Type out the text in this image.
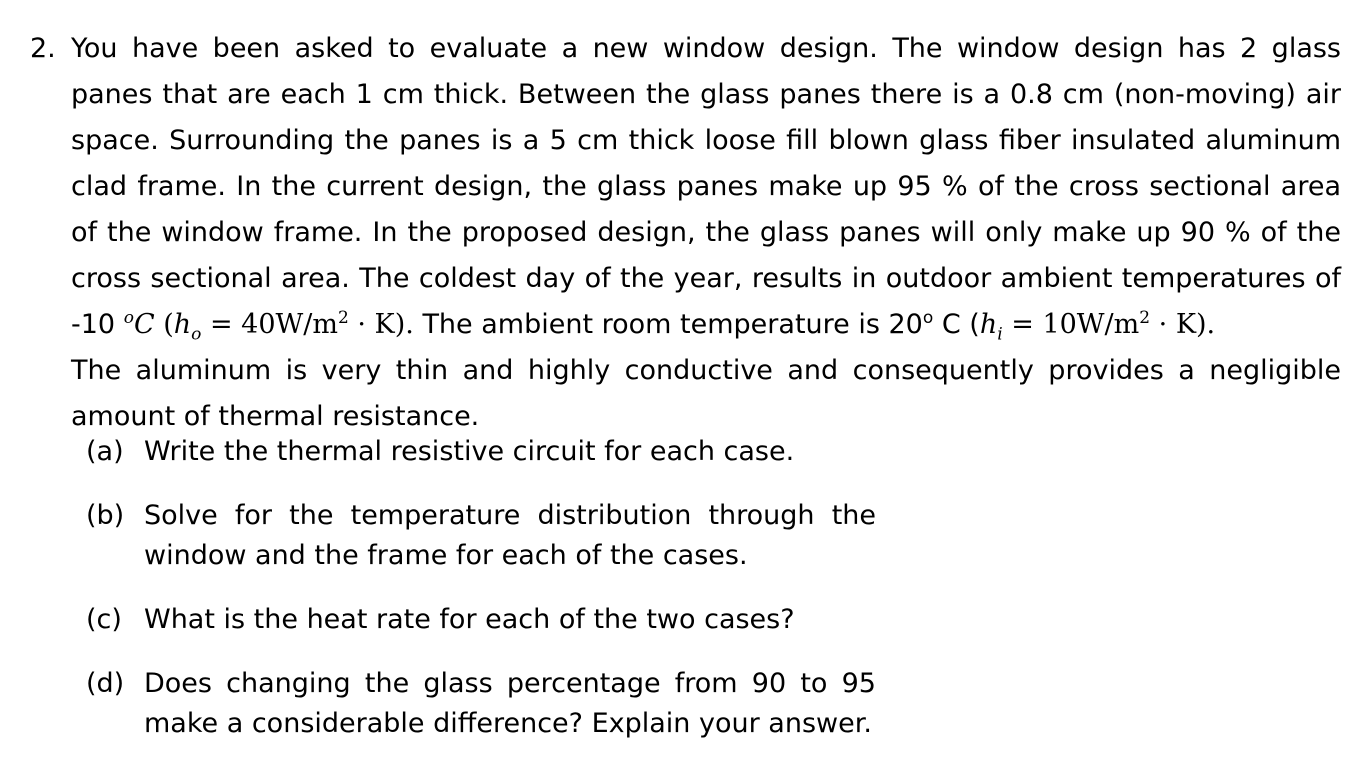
2. You have been asked to evaluate a new window design. The window design has 2 glass
panes that are each 1 cm thick. Between the glass panes there is a 0.8 cm (non-moving) air
space. Surrounding the panes is a 5 cm thick loose fill blown glass fiber insulated aluminum
clad frame. In the current design, the glass panes make up 95 % of the cross sectional area
of the window frame. In the proposed design, the glass panes will only make up 90 % of the
cross sectional area. The coldest day of the year, results in outdoor ambient temperatures of
-10 $^o$C $(h_o = 40W/m^2 \cdot K)$. The ambient room temperature is 20$^o$ C $(h_i = 10W/m^2 \cdot K)$.
The aluminum is very thin and highly conductive and consequently provides a negligible
amount of thermal resistance.
(a) Write the thermal resistive circuit for each case.
(b) Solve for the temperature distribution through the
window and the frame for each of the cases.
(c) What is the heat rate for each of the two cases?
(d) Does changing the glass percentage from 90 to 95
make a considerable difference? Explain your answer.
